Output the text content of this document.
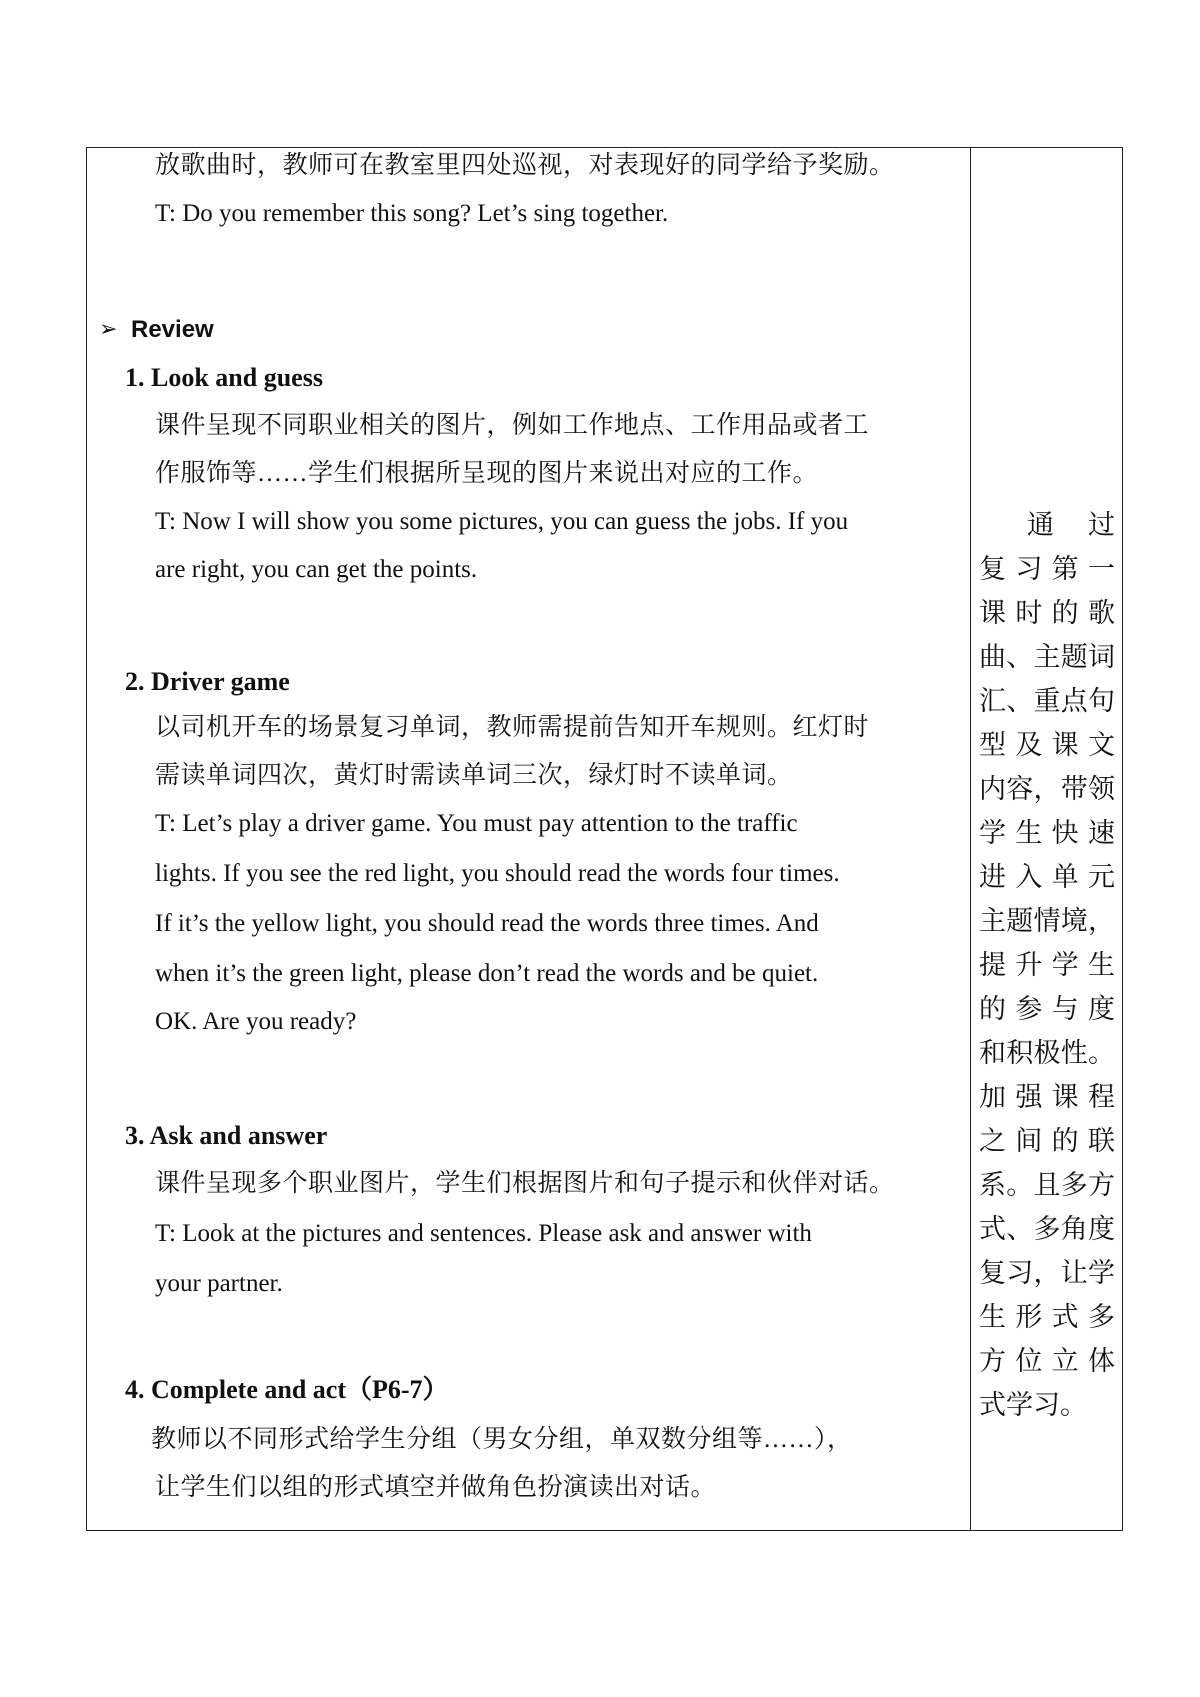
放歌曲时，教师可在教室里四处巡视，对表现好的同学给予奖励。
T: Do you remember this song? Let’s sing together.
➢ Review
1. Look and guess
课件呈现不同职业相关的图片，例如工作地点、工作用品或者工
作服饰等……学生们根据所呈现的图片来说出对应的工作。
T: Now I will show you some pictures, you can guess the jobs. If you
are right, you can get the points.
2. Driver game
以司机开车的场景复习单词，教师需提前告知开车规则。红灯时
需读单词四次，黄灯时需读单词三次，绿灯时不读单词。
T: Let’s play a driver game. You must pay attention to the traffic
lights. If you see the red light, you should read the words four times.
If it’s the yellow light, you should read the words three times. And
when it’s the green light, please don’t read the words and be quiet.
OK. Are you ready?
3. Ask and answer
课件呈现多个职业图片，学生们根据图片和句子提示和伙伴对话。
T: Look at the pictures and sentences. Please ask and answer with
your partner.
4. Complete and act（P6-7）
教师以不同形式给学生分组（男女分组，单双数分组等……），
让学生们以组的形式填空并做角色扮演读出对话。
通 过
复习第一
课时的歌
曲、主题词
汇、重点句
型及课文
内容，带领
学生快速
进入单元
主题情境，
提升学生
的参与度
和积极性。
加强课程
之间的联
系。且多方
式、多角度
复习，让学
生形式多
方位立体
式学习。
